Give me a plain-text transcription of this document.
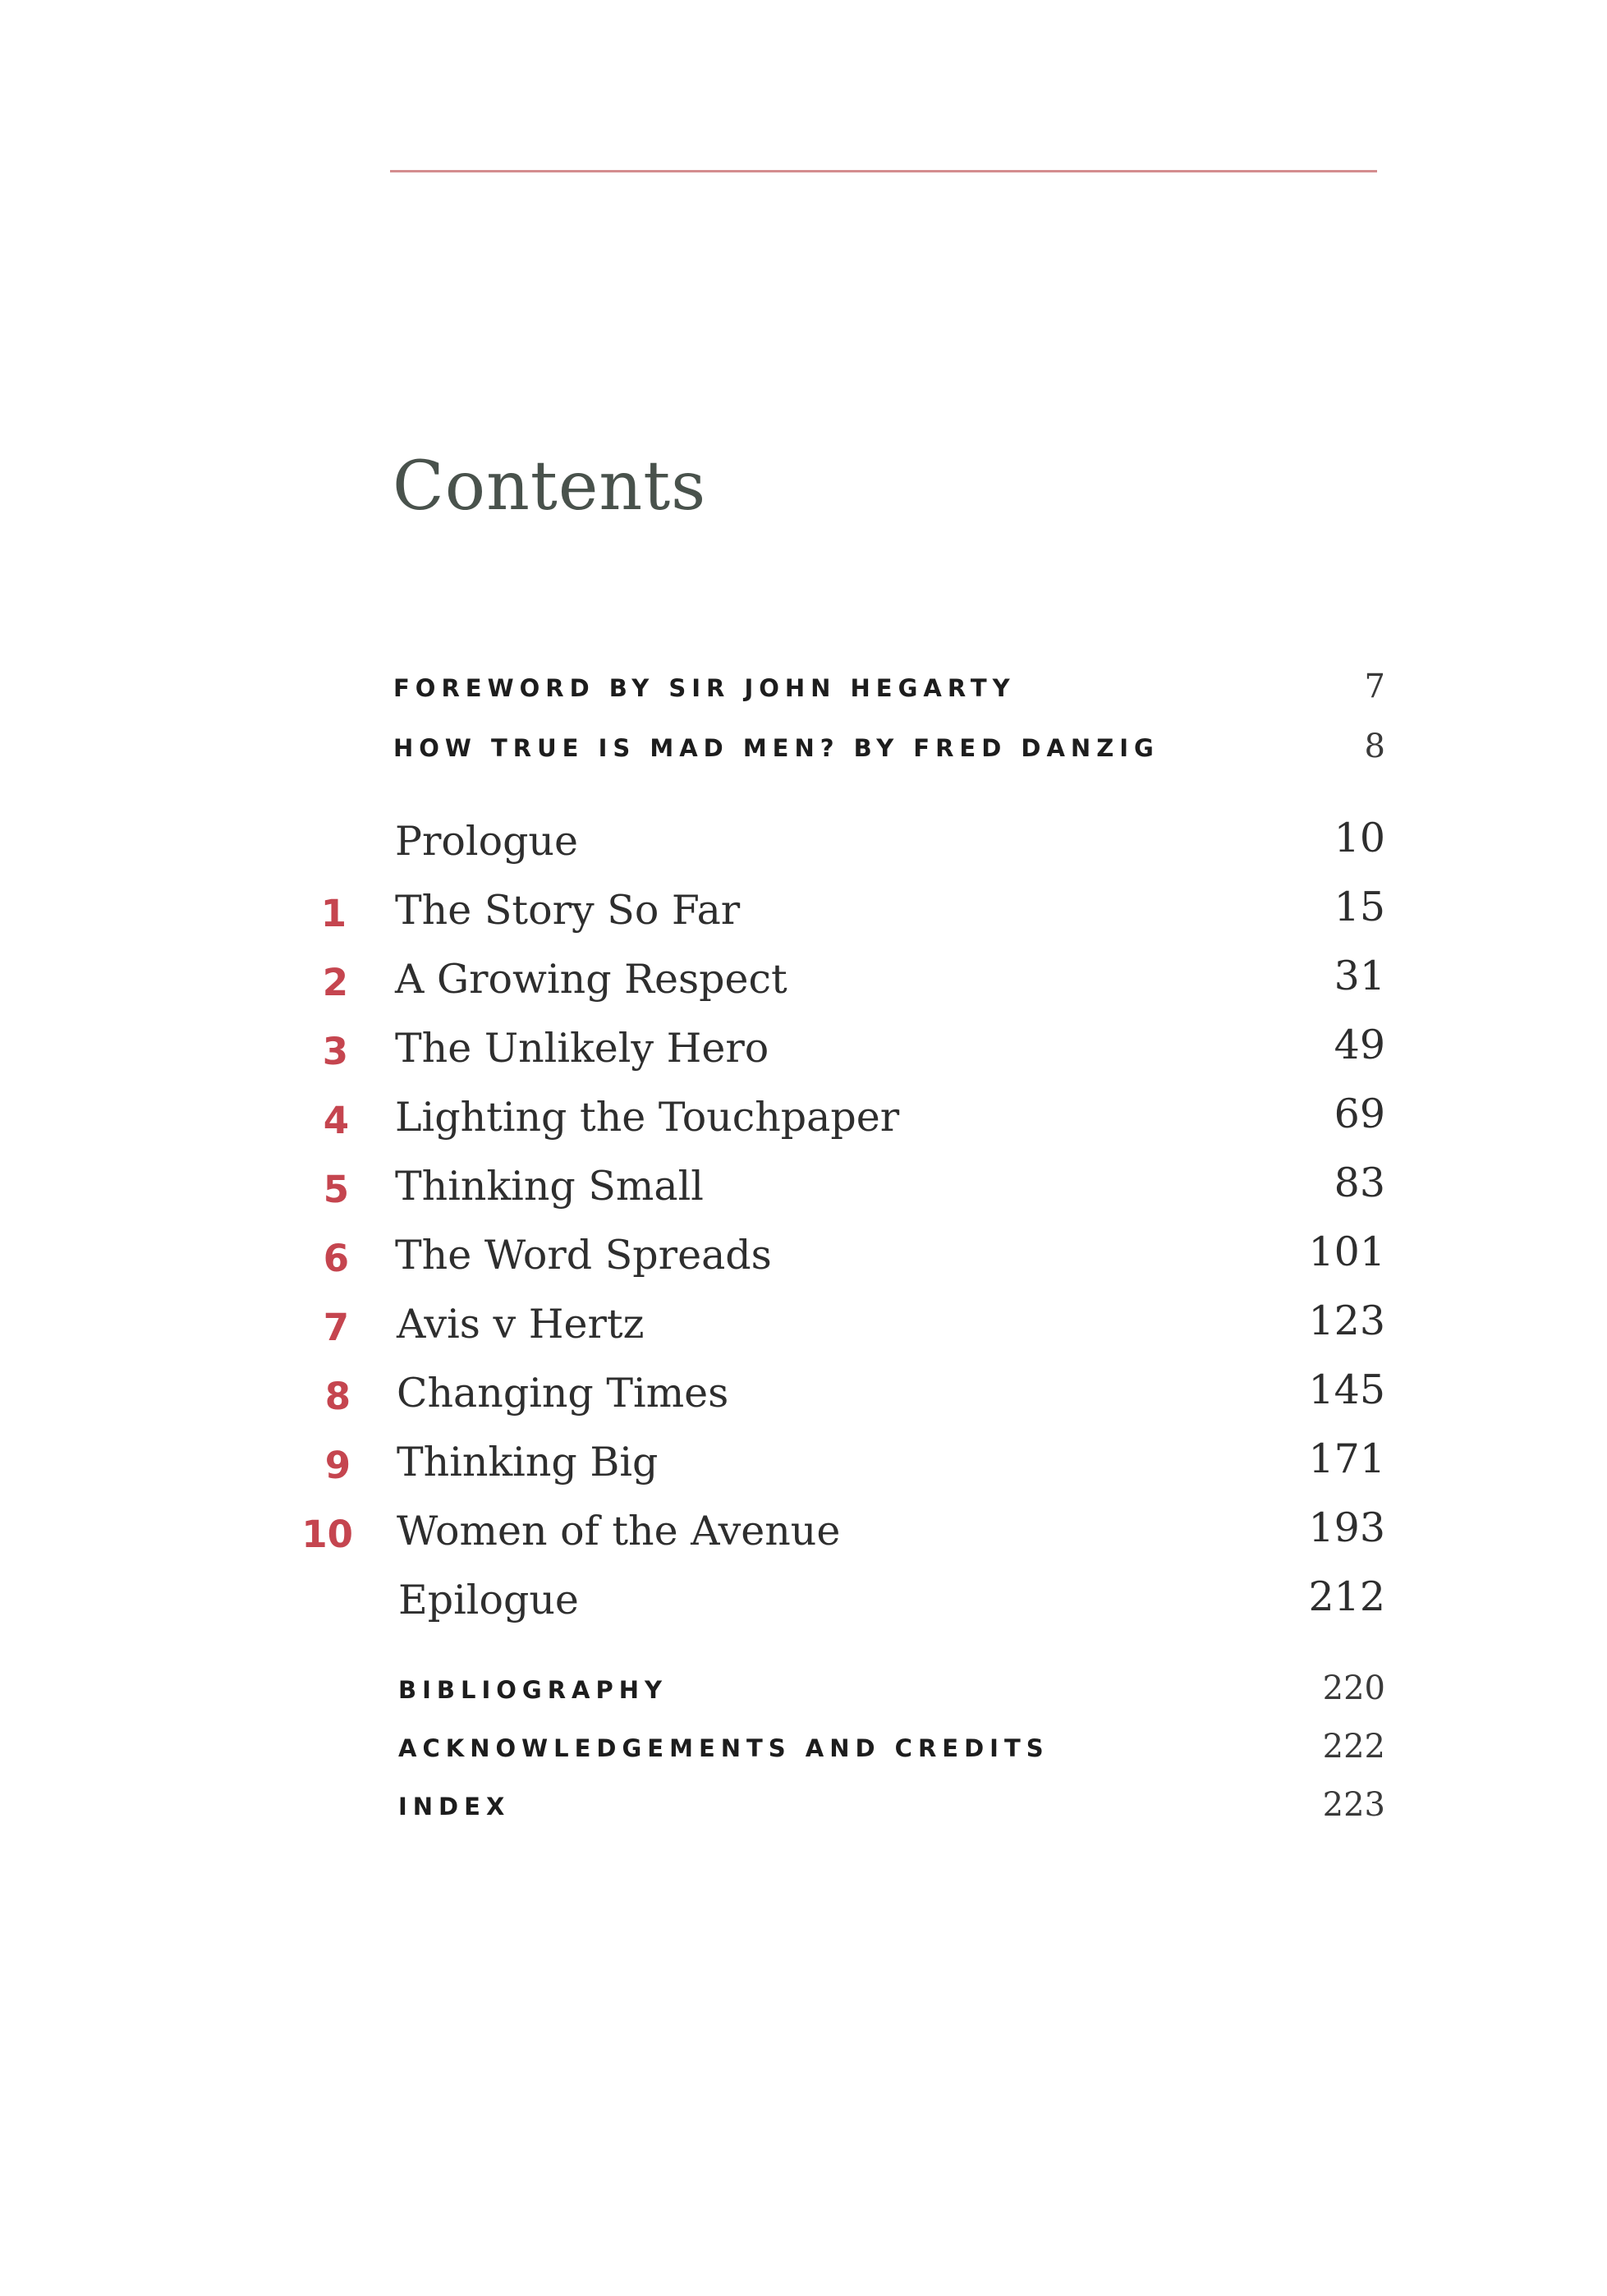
Contents
FOREWORD BY SIR JOHN HEGARTY	7
HOW TRUE IS MAD MEN? BY FRED DANZIG	8
Prologue	10
1 The Story So Far	15
2 A Growing Respect	31
3 The Unlikely Hero	49
4 Lighting the Touchpaper	69
5 Thinking Small	83
6 The Word Spreads	101
7 Avis v Hertz	123
8 Changing Times	145
9 Thinking Big	171
10 Women of the Avenue	193
Epilogue	212
BIBLIOGRAPHY	220
ACKNOWLEDGEMENTS AND CREDITS	222
INDEX	223
